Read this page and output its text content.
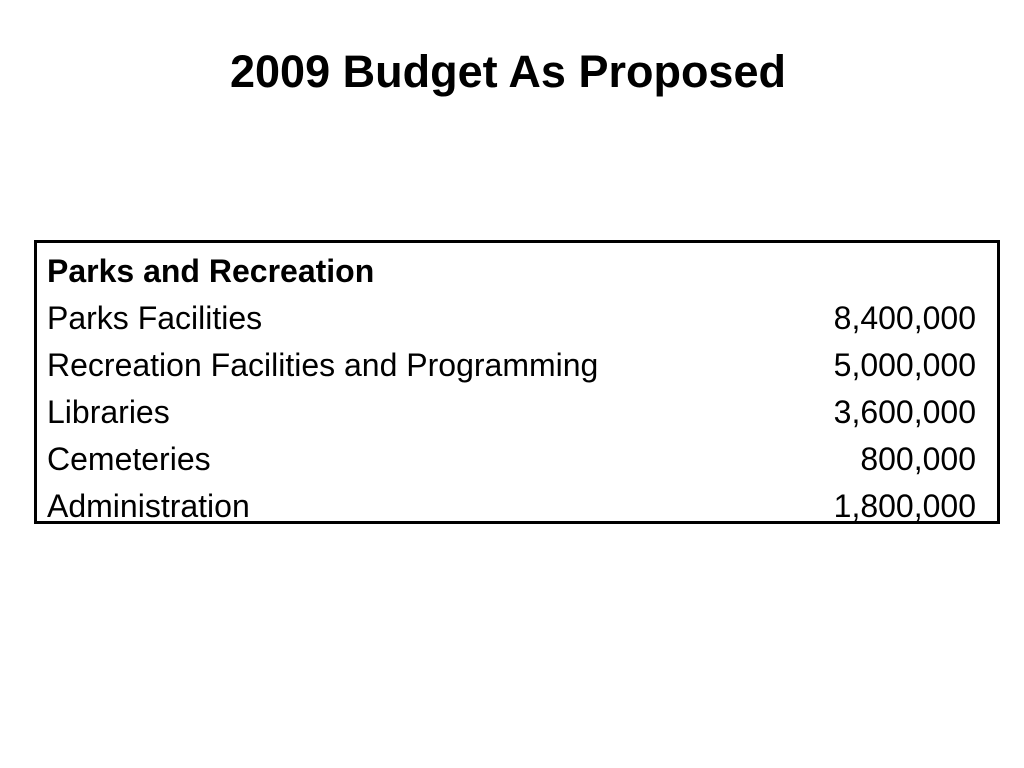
2009 Budget As Proposed
Parks and Recreation
Parks Facilities	8,400,000
Recreation Facilities and Programming	5,000,000
Libraries	3,600,000
Cemeteries	800,000
Administration	1,800,000
